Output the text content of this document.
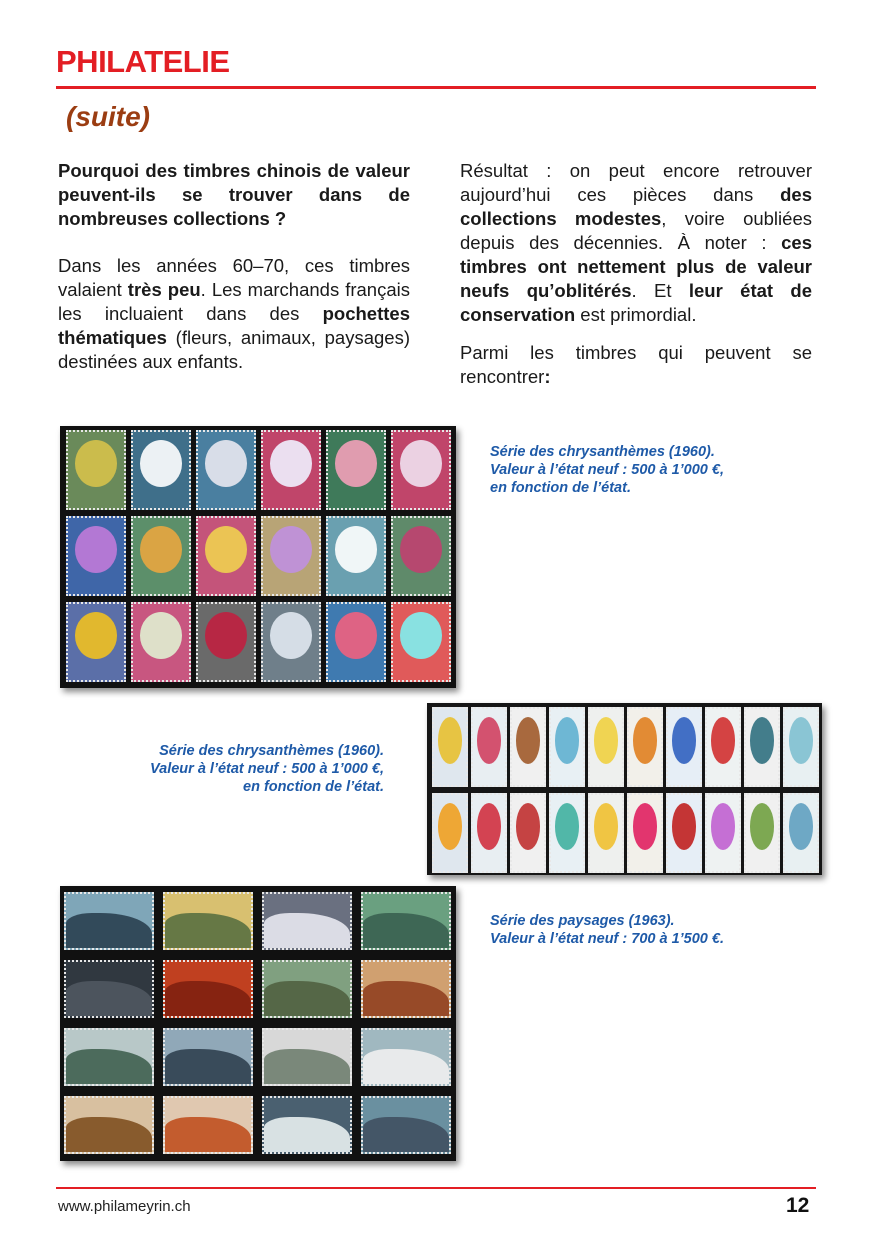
PHILATELIE
(suite)

Pourquoi des timbres chinois de valeur peuvent-ils se trouver dans de nombreuses collections ?

Dans les années 60–70, ces timbres valaient très peu. Les marchands français les incluaient dans des pochettes thématiques (fleurs, animaux, paysages) destinées aux enfants.

Résultat : on peut encore retrouver aujourd’hui ces pièces dans des collections modestes, voire oubliées depuis des décennies. À noter : ces timbres ont nettement plus de valeur neufs qu’oblitérés. Et leur état de conservation est primordial.

Parmi les timbres qui peuvent se rencontrer:

Série des chrysanthèmes (1960).
Valeur à l’état neuf : 500 à 1’000 €,
en fonction de l’état.
Série des chrysanthèmes (1960).
Valeur à l’état neuf : 500 à 1’000 €,
en fonction de l’état.
Série des paysages (1963).
Valeur à l’état neuf : 700 à 1’500 €.
www.philameyrin.ch	12
